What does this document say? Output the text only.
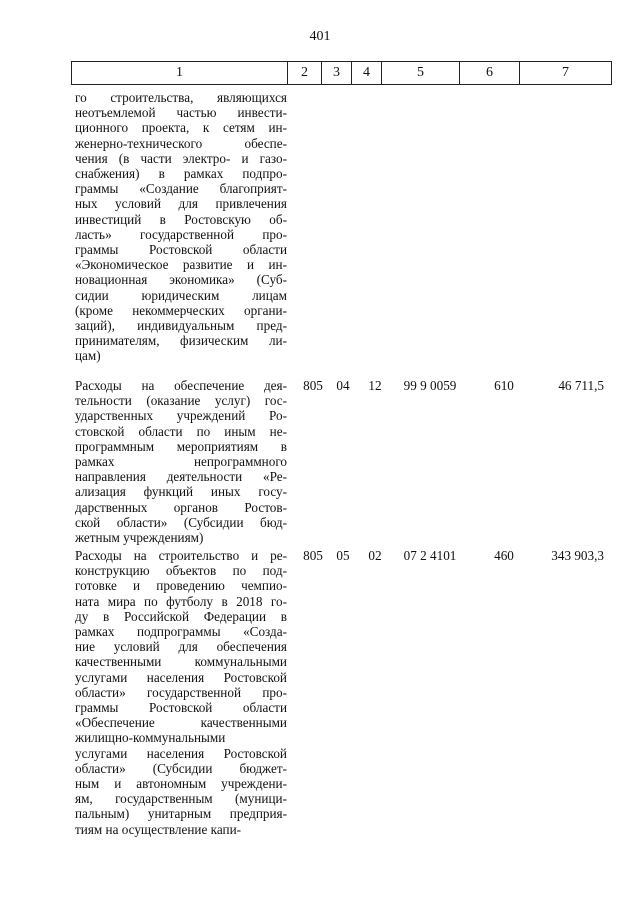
401
1	2	3	4	5	6	7
го строительства, являющихся
неотъемлемой частью инвести-
ционного проекта, к сетям ин-
женерно-технического обеспе-
чения (в части электро- и газо-
снабжения) в рамках подпро-
граммы «Создание благоприят-
ных условий для привлечения
инвестиций в Ростовскую об-
ласть» государственной про-
граммы Ростовской области
«Экономическое развитие и ин-
новационная экономика» (Суб-
сидии юридическим лицам
(кроме некоммерческих органи-
заций), индивидуальным пред-
принимателям, физическим ли-
цам)
Расходы на обеспечение дея-
тельности (оказание услуг) гос-
ударственных учреждений Ро-
стовской области по иным не-
программным мероприятиям в
рамках непрограммного
направления деятельности «Ре-
ализация функций иных госу-
дарственных органов Ростов-
ской области» (Субсидии бюд-
жетным учреждениям)
805	04	12	99 9 0059	610	46 711,5
Расходы на строительство и ре-
конструкцию объектов по под-
готовке и проведению чемпио-
ната мира по футболу в 2018 го-
ду в Российской Федерации в
рамках подпрограммы «Созда-
ние условий для обеспечения
качественными коммунальными
услугами населения Ростовской
области» государственной про-
граммы Ростовской области
«Обеспечение качественными
жилищно-коммунальными
услугами населения Ростовской
области» (Субсидии бюджет-
ным и автономным учреждени-
ям, государственным (муници-
пальным) унитарным предприя-
тиям на осуществление капи-
805	05	02	07 2 4101	460	343 903,3
